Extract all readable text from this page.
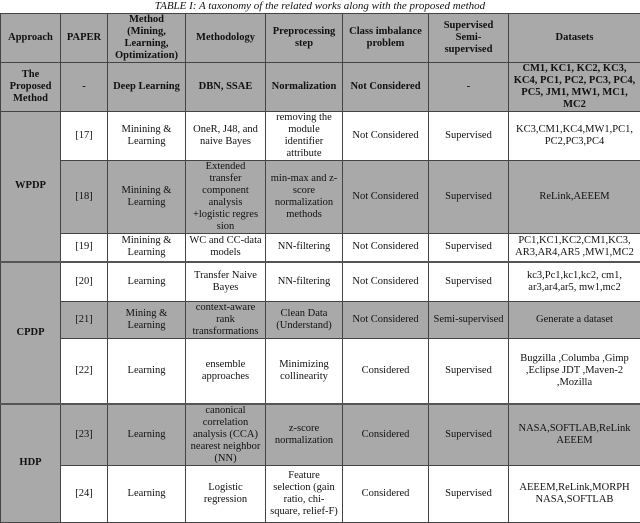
TABLE I: A taxonomy of the related works along with the proposed method
Approach	PAPER	Method (Mining, Learning, Optimization)	Methodology	Preprocessing step	Class imbalance problem	Supervised Semi-supervised	Datasets
The Proposed Method	-	Deep Learning	DBN, SSAE	Normalization	Not Considered	-	CM1, KC1, KC2, KC3, KC4, PC1, PC2, PC3, PC4, PC5, JM1, MW1, MC1, MC2
WPDP	[17]	Minining & Learning	OneR, J48, and naive Bayes	removing the module identifier attribute	Not Considered	Supervised	KC3,CM1,KC4,MW1,PC1, PC2,PC3,PC4
	[18]	Minining & Learning	Extended transfer component analysis +logistic regres sion	min-max and z-score normalization methods	Not Considered	Supervised	ReLink,AEEEM
	[19]	Minining & Learning	WC and CC-data models	NN-filtering	Not Considered	Supervised	PC1,KC1,KC2,CM1,KC3, AR3,AR4,AR5 ,MW1,MC2
CPDP	[20]	Learning	Transfer Naive Bayes	NN-filtering	Not Considered	Supervised	kc3,Pc1,kc1,kc2, cm1, ar3,ar4,ar5, mw1,mc2
	[21]	Mining & Learning	context-aware rank transformations	Clean Data (Understand)	Not Considered	Semi-supervised	Generate a dataset
	[22]	Learning	ensemble approaches	Minimizing collinearity	Considered	Supervised	Bugzilla ,Columba ,Gimp ,Eclipse JDT ,Maven-2 ,Mozilla
HDP	[23]	Learning	canonical correlation analysis (CCA) nearest neighbor (NN)	z-score normalization	Considered	Supervised	NASA,SOFTLAB,ReLink AEEEM
	[24]	Learning	Logistic regression	Feature selection (gain ratio, chi-square, relief-F)	Considered	Supervised	AEEEM,ReLink,MORPH NASA,SOFTLAB
